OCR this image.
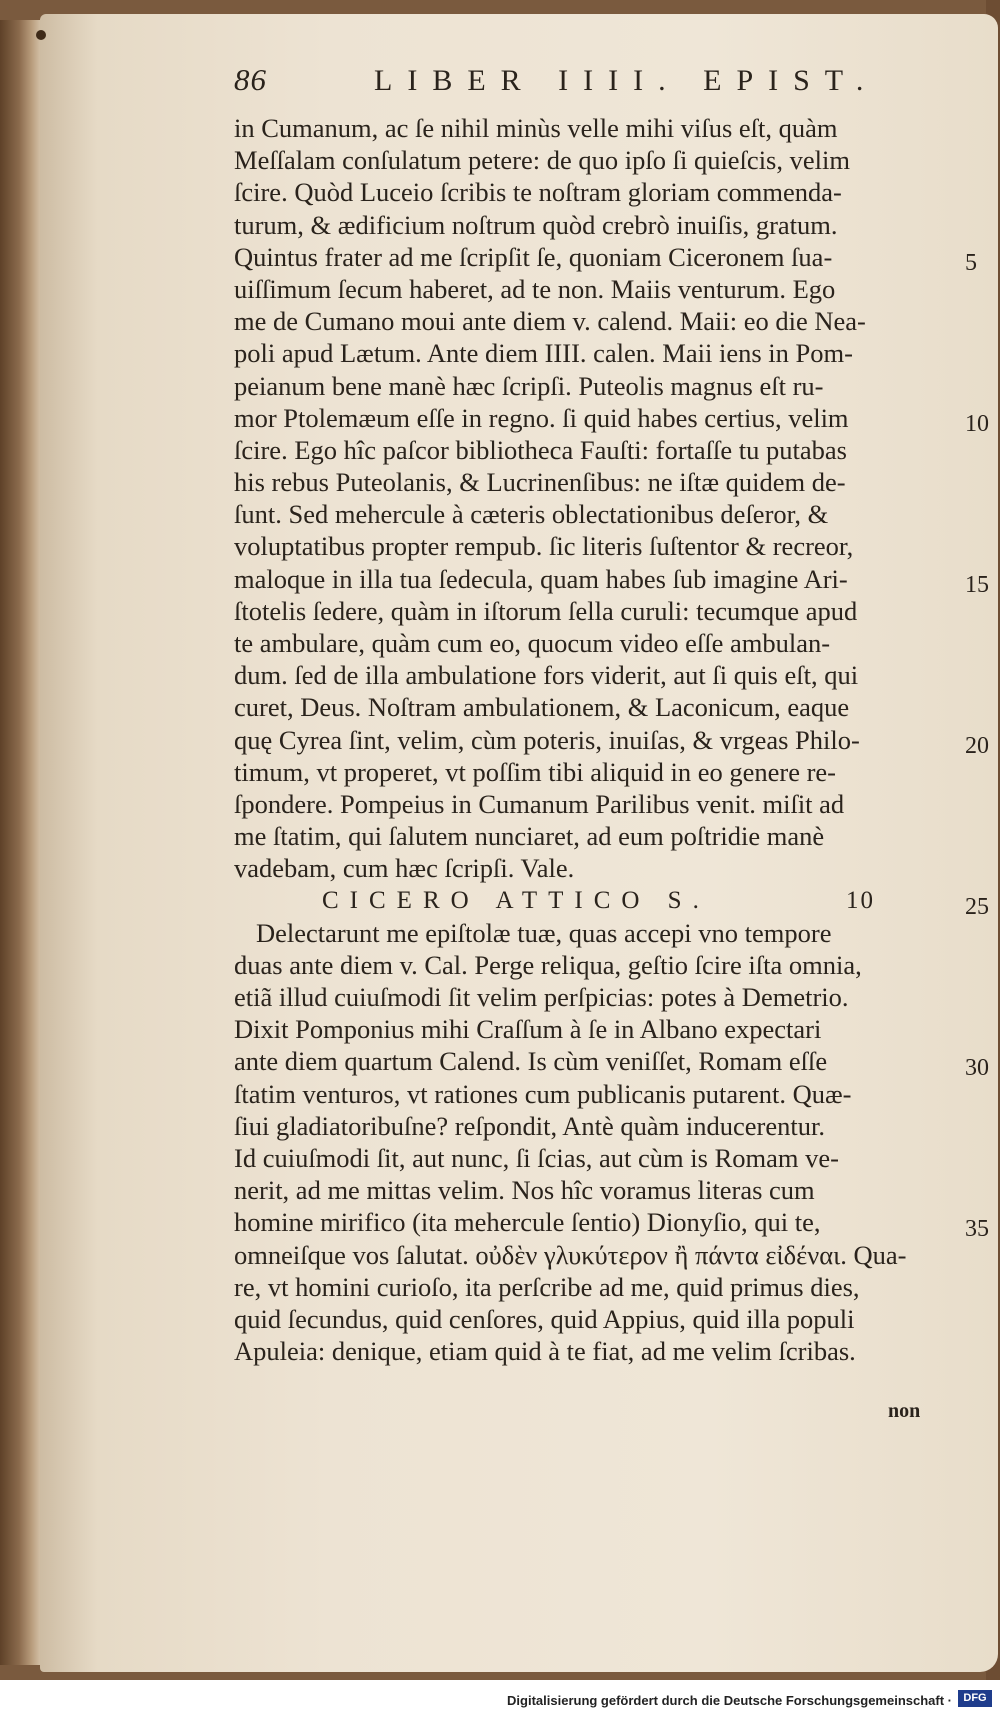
86	LIBER IIII. EPIST.
in Cumanum, ac ſe nihil minùs velle mihi viſus eſt, quàm
Meſſalam conſulatum petere: de quo ipſo ſi quieſcis, velim
ſcire. Quòd Luceio ſcribis te noſtram gloriam commenda-
turum, & ædificium noſtrum quòd crebrò inuiſis, gratum.
Quintus frater ad me ſcripſit ſe, quoniam Ciceronem ſua-
uiſſimum ſecum haberet, ad te non. Maiis venturum. Ego
me de Cumano moui ante diem v. calend. Maii: eo die Nea-
poli apud Lætum. Ante diem IIII. calen. Maii iens in Pom-
peianum bene manè hæc ſcripſi. Puteolis magnus eſt ru-
mor Ptolemæum eſſe in regno. ſi quid habes certius, velim
ſcire. Ego hîc paſcor bibliotheca Fauſti: fortaſſe tu putabas
his rebus Puteolanis, & Lucrinenſibus: ne iſtæ quidem de-
ſunt. Sed mehercule à cæteris oblectationibus deſeror, &
voluptatibus propter rempub. ſic literis ſuſtentor & recreor,
maloque in illa tua ſedecula, quam habes ſub imagine Ari-
ſtotelis ſedere, quàm in iſtorum ſella curuli: tecumque apud
te ambulare, quàm cum eo, quocum video eſſe ambulan-
dum. ſed de illa ambulatione fors viderit, aut ſi quis eſt, qui
curet, Deus. Noſtram ambulationem, & Laconicum, eaque
quę Cyrea ſint, velim, cùm poteris, inuiſas, & vrgeas Philo-
timum, vt properet, vt poſſim tibi aliquid in eo genere re-
ſpondere. Pompeius in Cumanum Parilibus venit. miſit ad
me ſtatim, qui ſalutem nunciaret, ad eum poſtridie manè
vadebam, cum hæc ſcripſi. Vale.
CICERO ATTICO S.	10
Delectarunt me epiſtolæ tuæ, quas accepi vno tempore
duas ante diem v. Cal. Perge reliqua, geſtio ſcire iſta omnia,
etiã illud cuiuſmodi ſit velim perſpicias: potes à Demetrio.
Dixit Pomponius mihi Craſſum à ſe in Albano expectari
ante diem quartum Calend. Is cùm veniſſet, Romam eſſe
ſtatim venturos, vt rationes cum publicanis putarent. Quæ-
ſiui gladiatoribuſne? reſpondit, Antè quàm inducerentur.
Id cuiuſmodi ſit, aut nunc, ſi ſcias, aut cùm is Romam ve-
nerit, ad me mittas velim. Nos hîc voramus literas cum
homine mirifico (ita mehercule ſentio) Dionyſio, qui te,
omneiſque vos ſalutat. οὐδὲν γλυκύτερον ἢ πάντα εἰδέναι. Qua-
re, vt homini curioſo, ita perſcribe ad me, quid primus dies,
quid ſecundus, quid cenſores, quid Appius, quid illa populi
Apuleia: denique, etiam quid à te fiat, ad me velim ſcribas.
5
10
15
20
25
30
35
non
Digitalisierung gefördert durch die Deutsche Forschungsgemeinschaft ·	DFG
